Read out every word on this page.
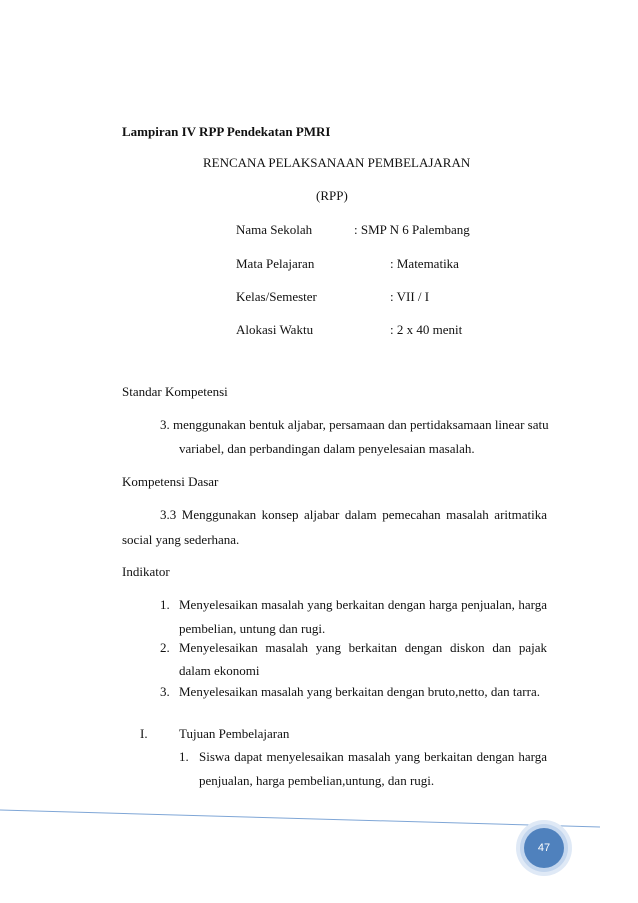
Lampiran IV RPP Pendekatan PMRI
RENCANA PELAKSANAAN PEMBELAJARAN
(RPP)
Nama Sekolah	: SMP N 6 Palembang
Mata Pelajaran	: Matematika
Kelas/Semester	: VII / I
Alokasi Waktu	: 2 x 40 menit
Standar Kompetensi
3. menggunakan bentuk aljabar, persamaan dan pertidaksamaan linear satu
variabel, dan perbandingan dalam penyelesaian masalah.
Kompetensi Dasar
3.3 Menggunakan konsep aljabar dalam pemecahan masalah aritmatika
social yang sederhana.
Indikator
1. Menyelesaikan masalah yang berkaitan dengan harga penjualan, harga
pembelian, untung dan rugi.
2. Menyelesaikan masalah yang berkaitan dengan diskon dan pajak
dalam ekonomi
3. Menyelesaikan masalah yang berkaitan dengan bruto,netto, dan tarra.
I. Tujuan Pembelajaran
1. Siswa dapat menyelesaikan masalah yang berkaitan dengan harga
penjualan, harga pembelian,untung, dan rugi.
47
